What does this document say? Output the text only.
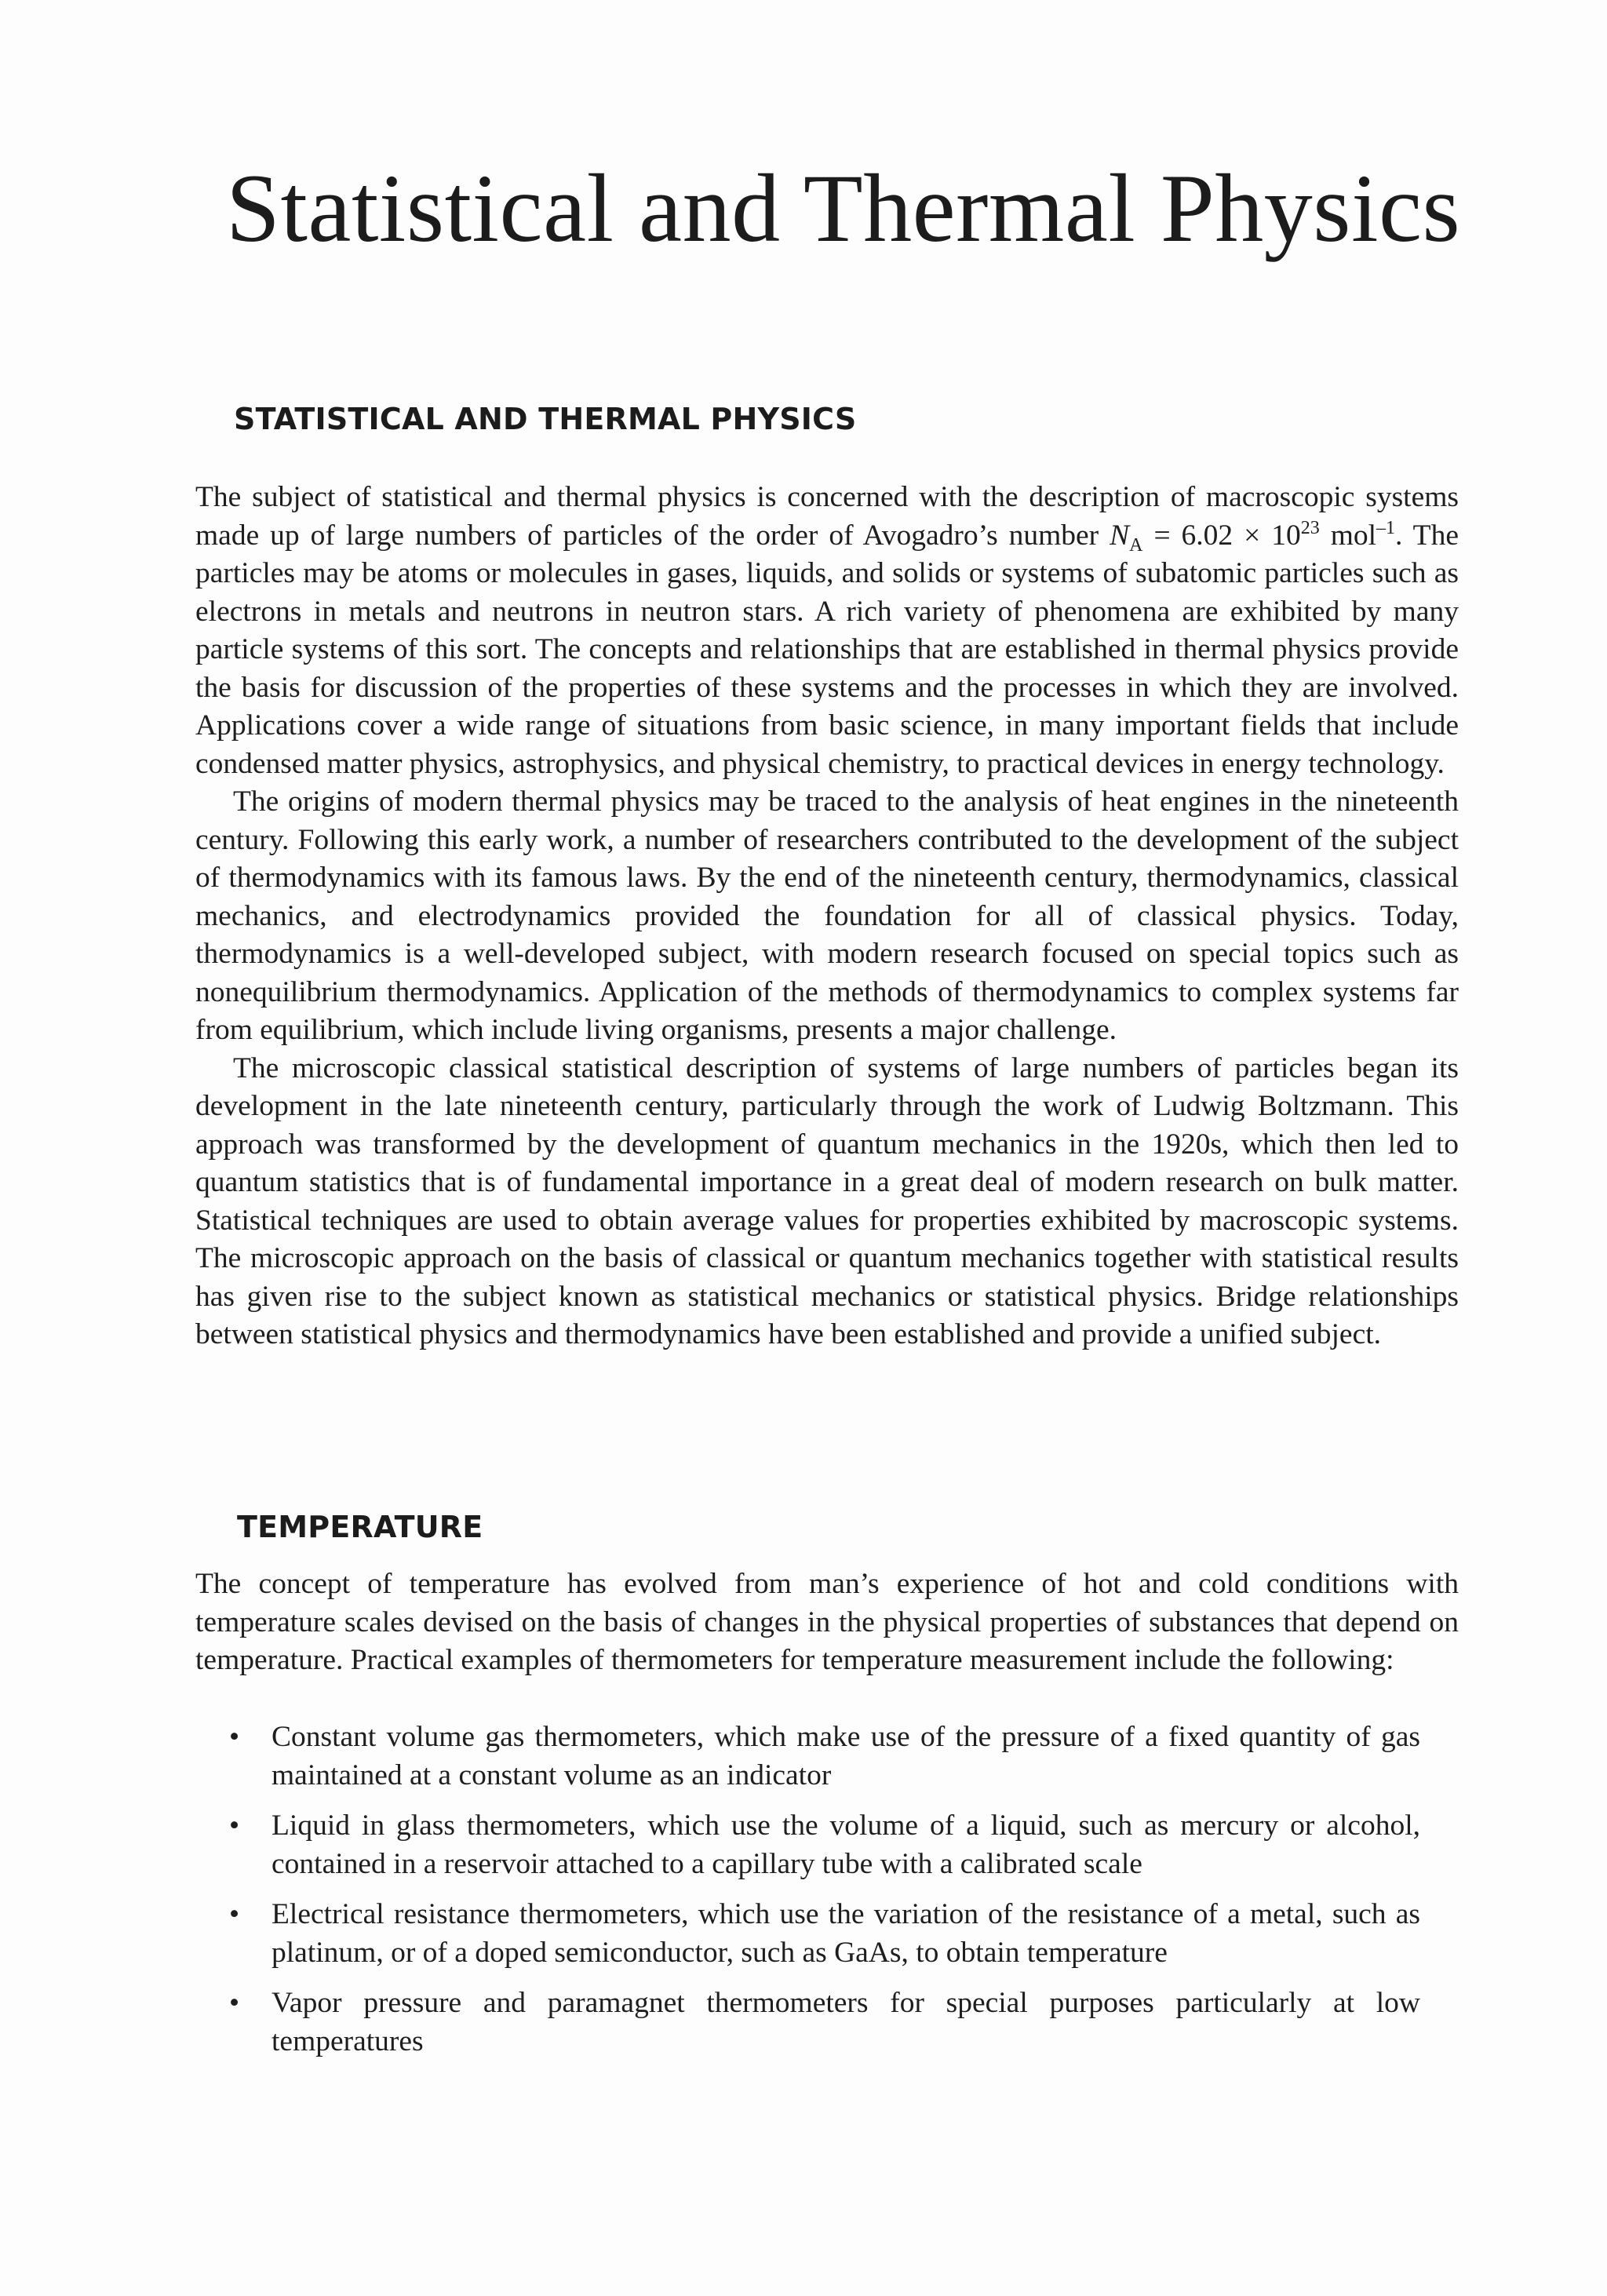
Statistical and Thermal Physics
STATISTICAL AND THERMAL PHYSICS

The subject of statistical and thermal physics is concerned with the description of macroscopic systems made up of large numbers of particles of the order of Avogadro’s number $N_A = 6.02 \times 10^{23}$ mol$^{-1}$. The particles may be atoms or molecules in gases, liquids, and solids or systems of subatomic particles such as electrons in metals and neutrons in neutron stars. A rich variety of phenomena are exhibited by many particle systems of this sort. The concepts and relationships that are established in thermal physics provide the basis for discussion of the properties of these systems and the processes in which they are involved. Applications cover a wide range of situations from basic science, in many important fields that include condensed matter physics, astrophysics, and physical chemistry, to practical devices in energy technology.

The origins of modern thermal physics may be traced to the analysis of heat engines in the nineteenth century. Following this early work, a number of researchers contributed to the development of the subject of thermodynamics with its famous laws. By the end of the nineteenth century, thermodynamics, classical mechanics, and electrodynamics provided the foundation for all of classical physics. Today, thermodynamics is a well-developed subject, with modern research focused on special topics such as nonequilibrium thermodynamics. Application of the methods of thermodynamics to complex systems far from equilibrium, which include living organisms, presents a major challenge.

The microscopic classical statistical description of systems of large numbers of particles began its development in the late nineteenth century, particularly through the work of Ludwig Boltzmann. This approach was transformed by the development of quantum mechanics in the 1920s, which then led to quantum statistics that is of fundamental importance in a great deal of modern research on bulk matter. Statistical techniques are used to obtain average values for properties exhibited by macroscopic systems. The microscopic approach on the basis of classical or quantum mechanics together with statistical results has given rise to the subject known as statistical mechanics or statistical physics. Bridge relationships between statistical physics and thermodynamics have been established and provide a unified subject.

TEMPERATURE

The concept of temperature has evolved from man’s experience of hot and cold conditions with temperature scales devised on the basis of changes in the physical properties of substances that depend on temperature. Practical examples of thermometers for temperature measurement include the following:

• Constant volume gas thermometers, which make use of the pressure of a fixed quantity of gas maintained at a constant volume as an indicator
• Liquid in glass thermometers, which use the volume of a liquid, such as mercury or alcohol, contained in a reservoir attached to a capillary tube with a calibrated scale
• Electrical resistance thermometers, which use the variation of the resistance of a metal, such as platinum, or of a doped semiconductor, such as GaAs, to obtain temperature
• Vapor pressure and paramagnet thermometers for special purposes particularly at low temperatures
